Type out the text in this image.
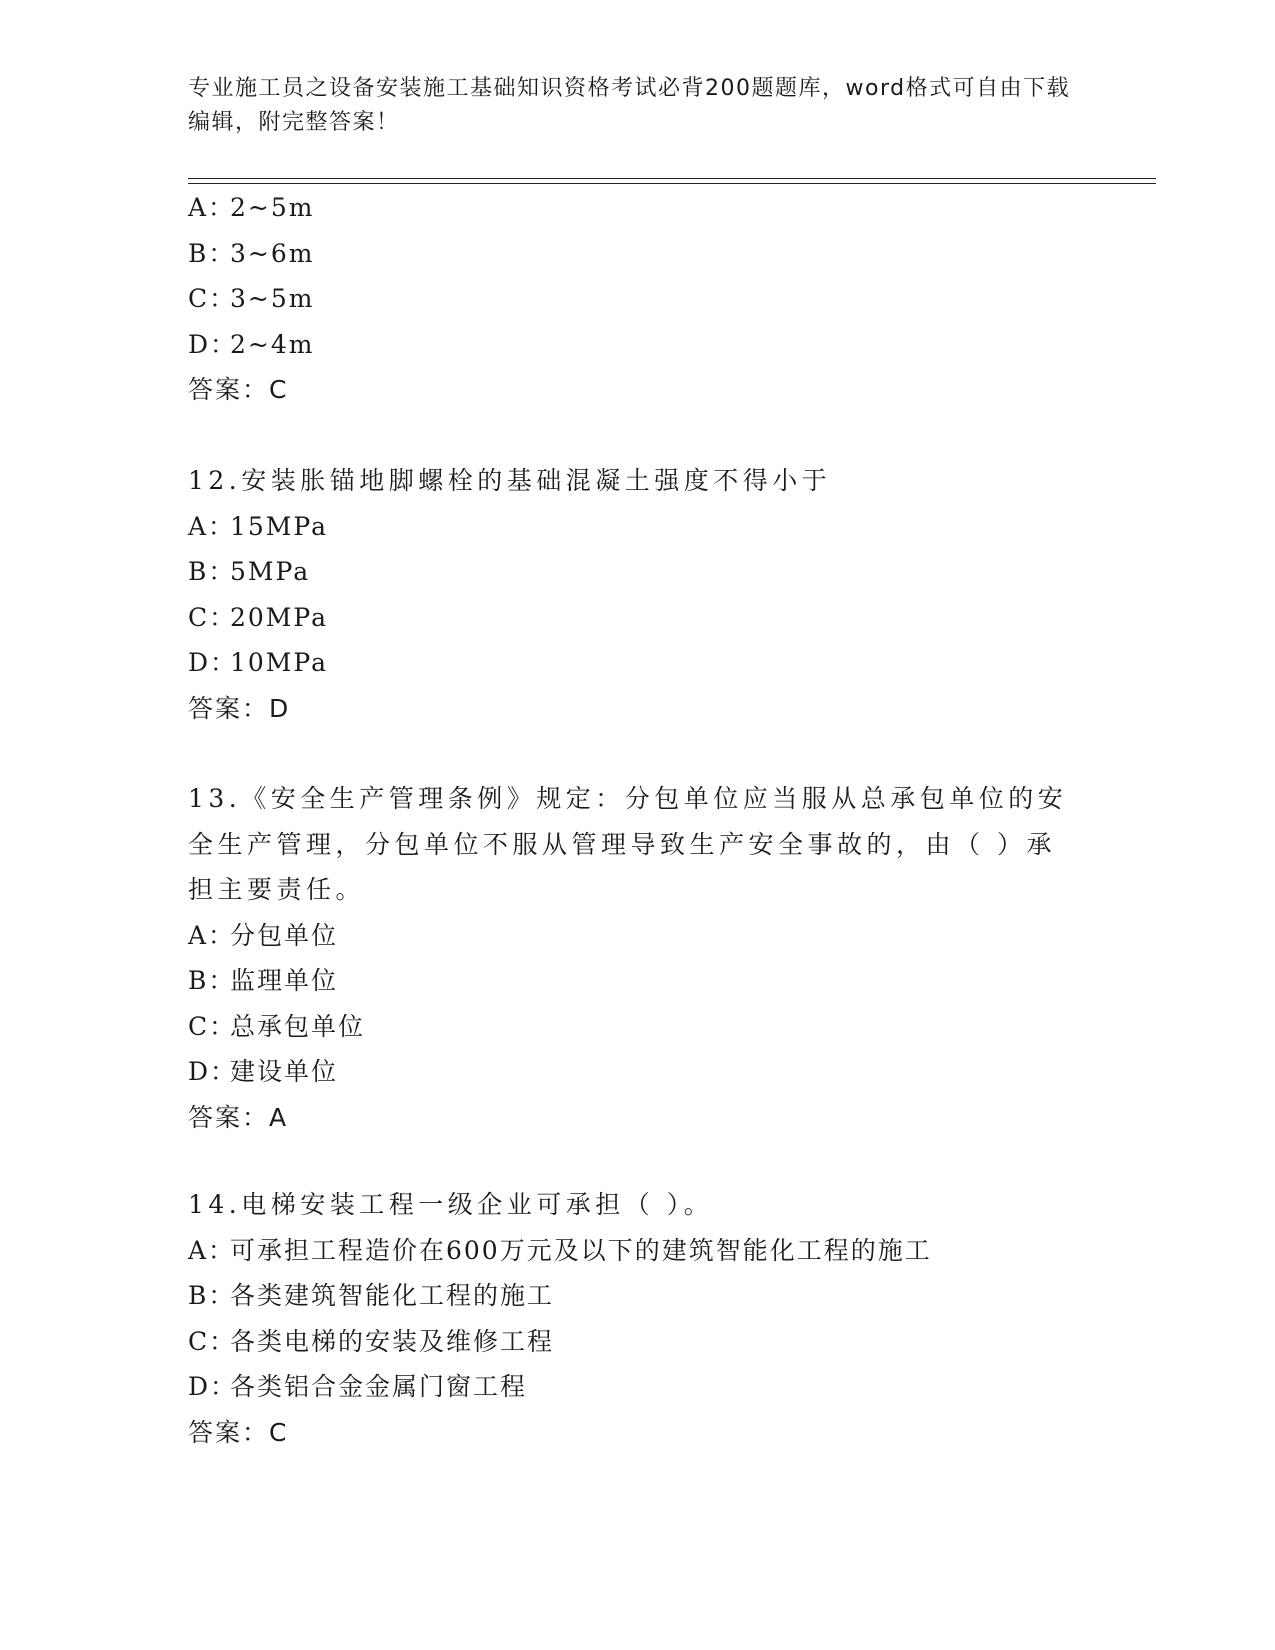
专业施工员之设备安装施工基础知识资格考试必背200题题库，word格式可自由下载编辑，附完整答案！
A：2~5m
B：3~6m
C：3~5m
D：2~4m
答案：C
12.安装胀锚地脚螺栓的基础混凝土强度不得小于
A：15MPa
B：5MPa
C：20MPa
D：10MPa
答案：D
13.《安全生产管理条例》规定：分包单位应当服从总承包单位的安全生产管理，分包单位不服从管理导致生产安全事故的，由（ ）承担主要责任。
A：分包单位
B：监理单位
C：总承包单位
D：建设单位
答案：A
14.电梯安装工程一级企业可承担（ ）。
A：可承担工程造价在600万元及以下的建筑智能化工程的施工
B：各类建筑智能化工程的施工
C：各类电梯的安装及维修工程
D：各类铝合金金属门窗工程
答案：C
